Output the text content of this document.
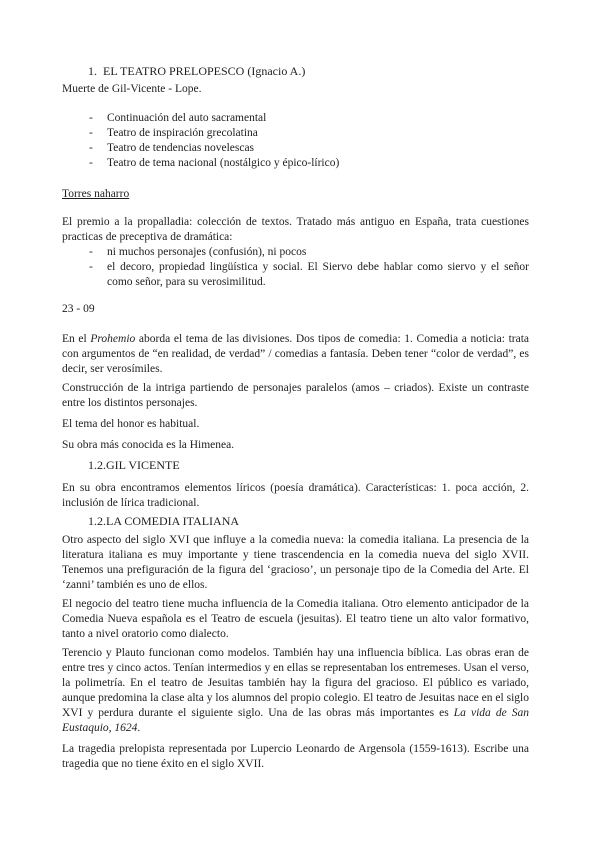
1. EL TEATRO PRELOPESCO (Ignacio A.)

Muerte de Gil-Vicente - Lope.

-	Continuación del auto sacramental
-	Teatro de inspiración grecolatina
-	Teatro de tendencias novelescas
-	Teatro de tema nacional (nostálgico y épico-lírico)

Torres naharro

El premio a la propalladia: colección de textos. Tratado más antiguo en España, trata cuestiones practicas de preceptiva de dramática:

-	ni muchos personajes (confusión), ni pocos
-	el decoro, propiedad lingüística y social. El Siervo debe hablar como siervo y el señor como señor, para su verosimilitud.

23 - 09

En el Prohemio aborda el tema de las divisiones. Dos tipos de comedia: 1. Comedia a noticia: trata con argumentos de “en realidad, de verdad” / comedias a fantasía. Deben tener “color de verdad”, es decir, ser verosímiles.

Construcción de la intriga partiendo de personajes paralelos (amos – criados). Existe un contraste entre los distintos personajes.

El tema del honor es habitual.

Su obra más conocida es la Himenea.

1.2.GIL VICENTE

En su obra encontramos elementos líricos (poesía dramática). Características: 1. poca acción, 2. inclusión de lírica tradicional.

1.2.LA COMEDIA ITALIANA

Otro aspecto del siglo XVI que influye a la comedia nueva: la comedia italiana. La presencia de la literatura italiana es muy importante y tiene trascendencia en la comedia nueva del siglo XVII. Tenemos una prefiguración de la figura del ‘gracioso’, un personaje tipo de la Comedia del Arte. El ‘zanni’ también es uno de ellos.

El negocio del teatro tiene mucha influencia de la Comedia italiana. Otro elemento anticipador de la Comedia Nueva española es el Teatro de escuela (jesuitas). El teatro tiene un alto valor formativo, tanto a nivel oratorio como dialecto.

Terencio y Plauto funcionan como modelos. También hay una influencia bíblica. Las obras eran de entre tres y cinco actos. Tenían intermedios y en ellas se representaban los entremeses. Usan el verso, la polimetría. En el teatro de Jesuitas también hay la figura del gracioso. El público es variado, aunque predomina la clase alta y los alumnos del propio colegio. El teatro de Jesuitas nace en el siglo XVI y perdura durante el siguiente siglo. Una de las obras más importantes es La vida de San Eustaquio, 1624.

La tragedia prelopista representada por Lupercio Leonardo de Argensola (1559-1613). Escribe una tragedia que no tiene éxito en el siglo XVII.
